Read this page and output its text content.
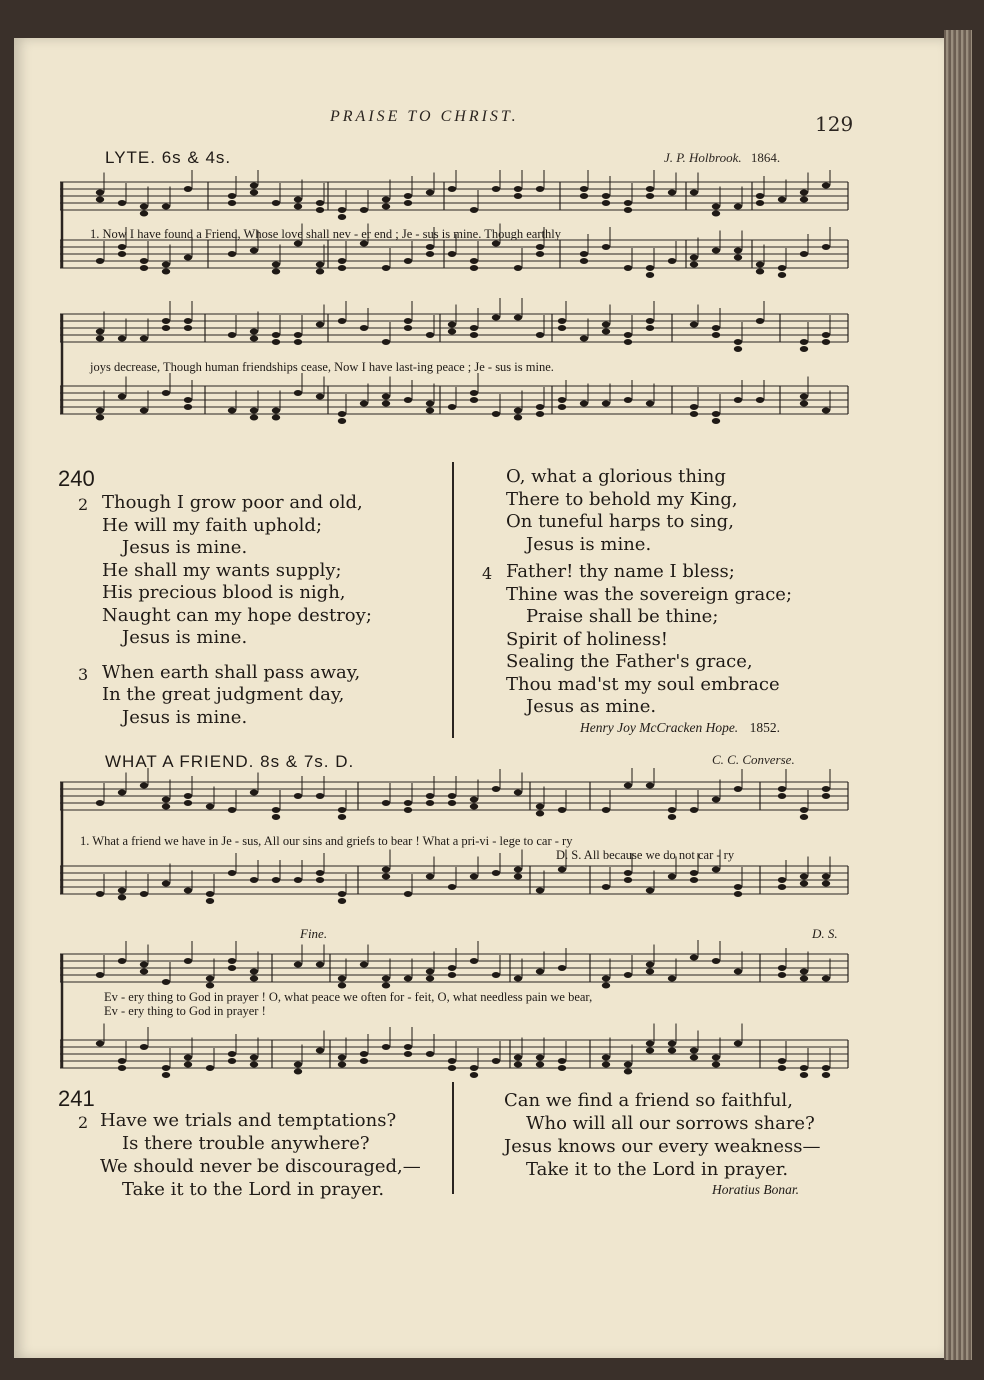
PRAISE TO CHRIST.	129
LYTE. 6s & 4s.	J. P. Holbrook. 1864.
1. Now I have found a Friend, Whose love shall nev - er end ; Je - sus is mine. Though earthly
joys decrease, Though human friendships cease, Now I have last-ing peace ; Je - sus is mine.
240
2 Though I grow poor and old,
He will my faith uphold;
Jesus is mine.
He shall my wants supply;
His precious blood is nigh,
Naught can my hope destroy;
Jesus is mine.
3 When earth shall pass away,
In the great judgment day,
Jesus is mine.
O, what a glorious thing
There to behold my King,
On tuneful harps to sing,
Jesus is mine.
4 Father! thy name I bless;
Thine was the sovereign grace;
Praise shall be thine;
Spirit of holiness!
Sealing the Father's grace,
Thou mad'st my soul embrace
Jesus as mine.
Henry Joy McCracken Hope. 1852.
WHAT A FRIEND. 8s & 7s. D.	C. C. Converse.
1. What a friend we have in Je - sus, All our sins and griefs to bear ! What a pri-vi - lege to car - ry
D. S. All because we do not car - ry
Fine.	D. S.
Ev - ery thing to God in prayer ! O, what peace we often for - feit, O, what needless pain we bear,
Ev - ery thing to God in prayer !
241
2 Have we trials and temptations?
Is there trouble anywhere?
We should never be discouraged,—
Take it to the Lord in prayer.
Can we find a friend so faithful,
Who will all our sorrows share?
Jesus knows our every weakness—
Take it to the Lord in prayer.
Horatius Bonar.
